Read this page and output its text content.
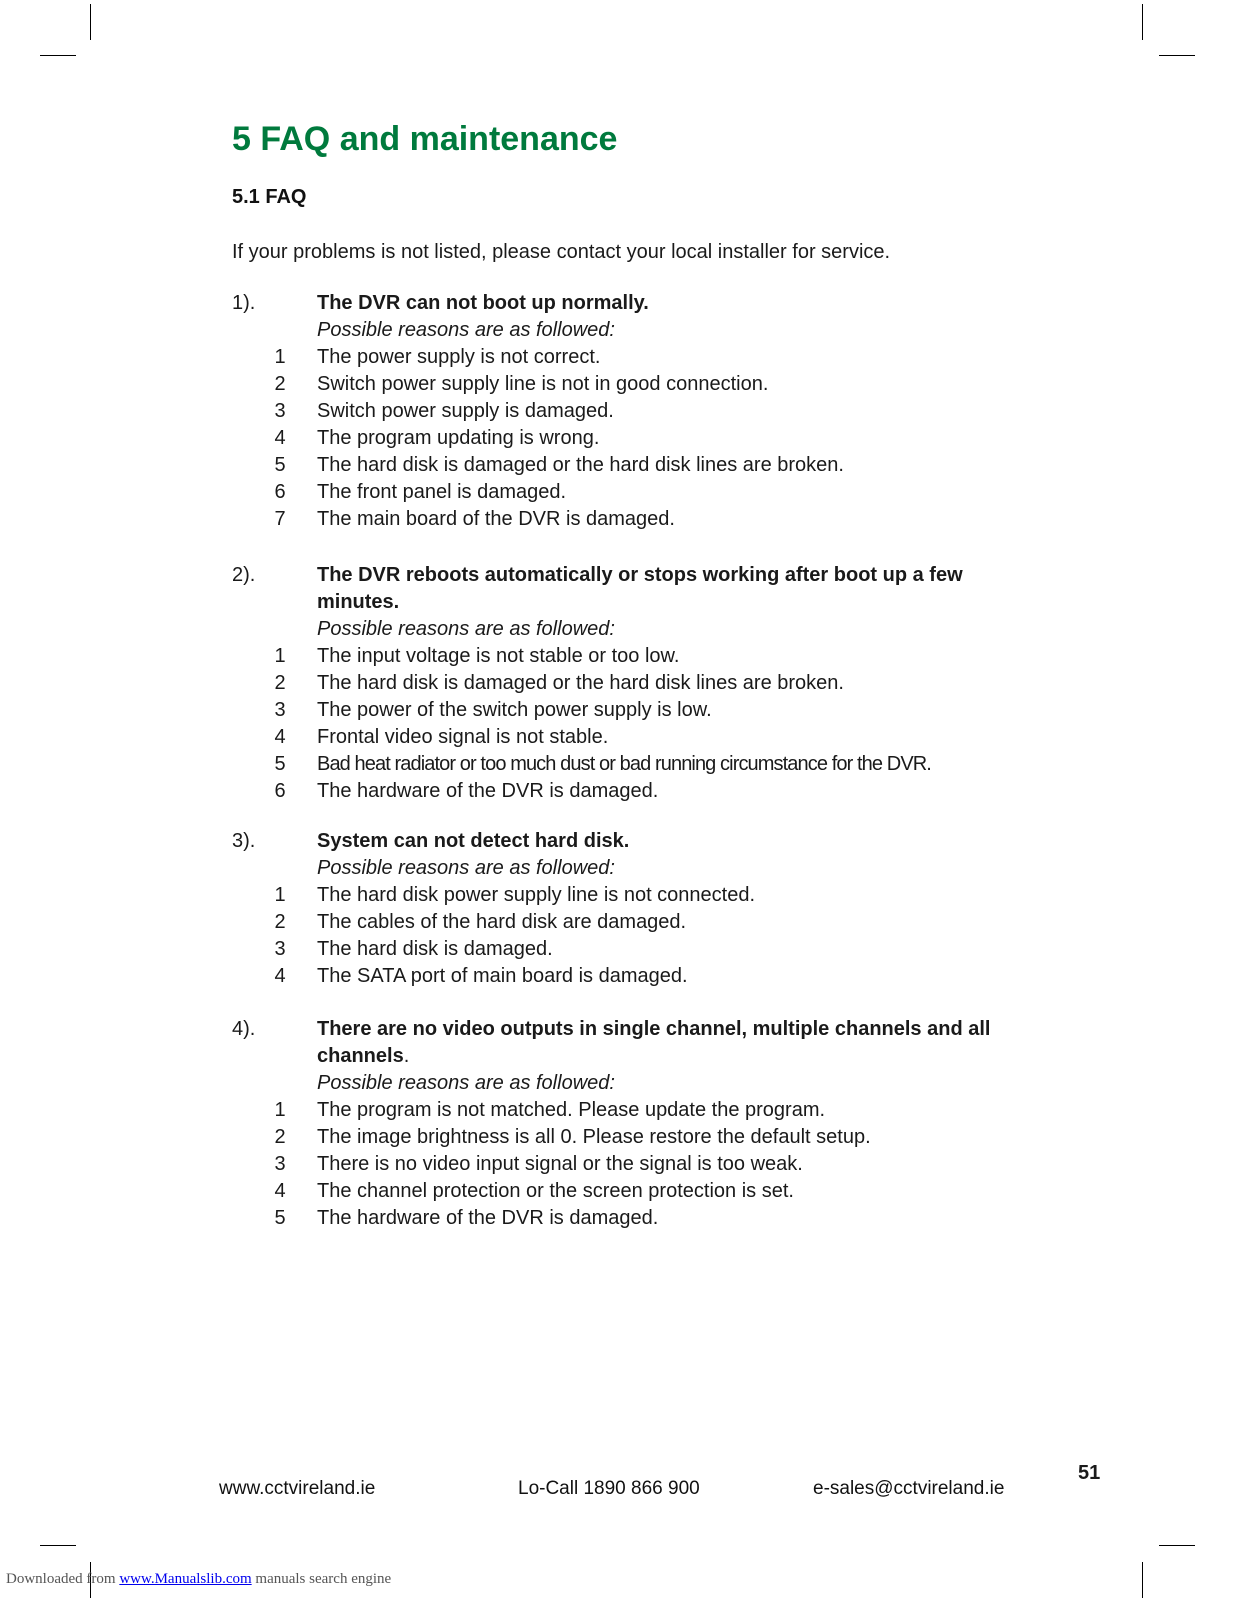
5 FAQ and maintenance
5.1 FAQ

If your problems is not listed, please contact your local installer for service.

1).	The DVR can not boot up normally.
Possible reasons are as followed:
1 The power supply is not correct.
2 Switch power supply line is not in good connection.
3 Switch power supply is damaged.
4 The program updating is wrong.
5 The hard disk is damaged or the hard disk lines are broken.
6 The front panel is damaged.
7 The main board of the DVR is damaged.
2).	The DVR reboots automatically or stops working after boot up a few minutes.
Possible reasons are as followed:
1 The input voltage is not stable or too low.
2 The hard disk is damaged or the hard disk lines are broken.
3 The power of the switch power supply is low.
4 Frontal video signal is not stable.
5 Bad heat radiator or too much dust or bad running circumstance for the DVR.
6 The hardware of the DVR is damaged.
3).	System can not detect hard disk.
Possible reasons are as followed:
1 The hard disk power supply line is not connected.
2 The cables of the hard disk are damaged.
3 The hard disk is damaged.
4 The SATA port of main board is damaged.
4).	There are no video outputs in single channel, multiple channels and all channels.
Possible reasons are as followed:
1 The program is not matched. Please update the program.
2 The image brightness is all 0. Please restore the default setup.
3 There is no video input signal or the signal is too weak.
4 The channel protection or the screen protection is set.
5 The hardware of the DVR is damaged.
www.cctvireland.ie	Lo-Call 1890 866 900	e-sales@cctvireland.ie
51
Downloaded from www.Manualslib.com manuals search engine
